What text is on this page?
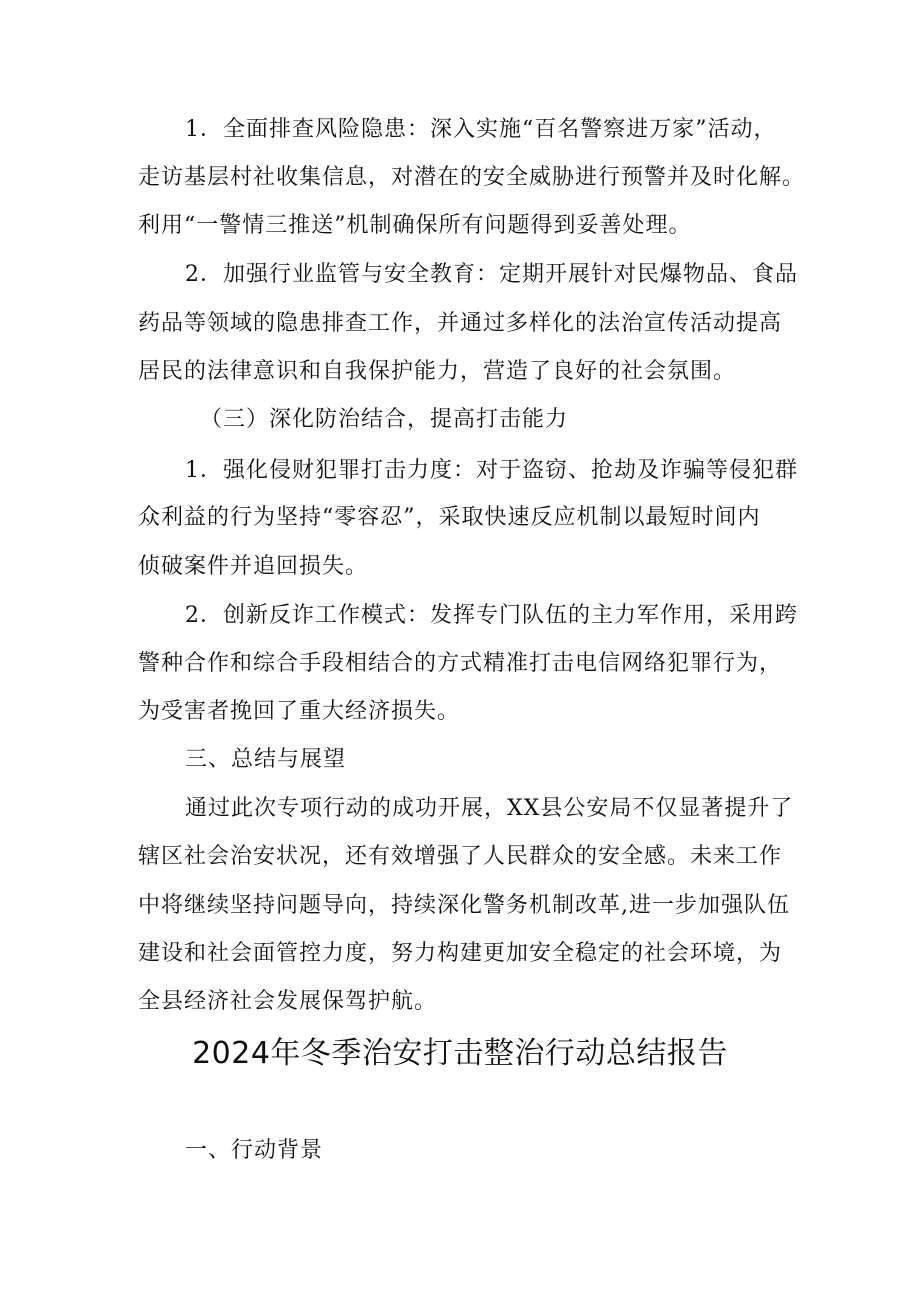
1．全面排查风险隐患：深入实施“百名警察进万家”活动，
走访基层村社收集信息，对潜在的安全威胁进行预警并及时化解。
利用“一警情三推送”机制确保所有问题得到妥善处理。
2．加强行业监管与安全教育：定期开展针对民爆物品、食品
药品等领域的隐患排查工作，并通过多样化的法治宣传活动提高
居民的法律意识和自我保护能力，营造了良好的社会氛围。
（三）深化防治结合，提高打击能力
1．强化侵财犯罪打击力度：对于盗窃、抢劫及诈骗等侵犯群
众利益的行为坚持“零容忍”，采取快速反应机制以最短时间内
侦破案件并追回损失。
2．创新反诈工作模式：发挥专门队伍的主力军作用，采用跨
警种合作和综合手段相结合的方式精准打击电信网络犯罪行为，
为受害者挽回了重大经济损失。
三、总结与展望
通过此次专项行动的成功开展，XX县公安局不仅显著提升了
辖区社会治安状况，还有效增强了人民群众的安全感。未来工作
中将继续坚持问题导向，持续深化警务机制改革,进一步加强队伍
建设和社会面管控力度，努力构建更加安全稳定的社会环境，为
全县经济社会发展保驾护航。
2024年冬季治安打击整治行动总结报告
一、行动背景
